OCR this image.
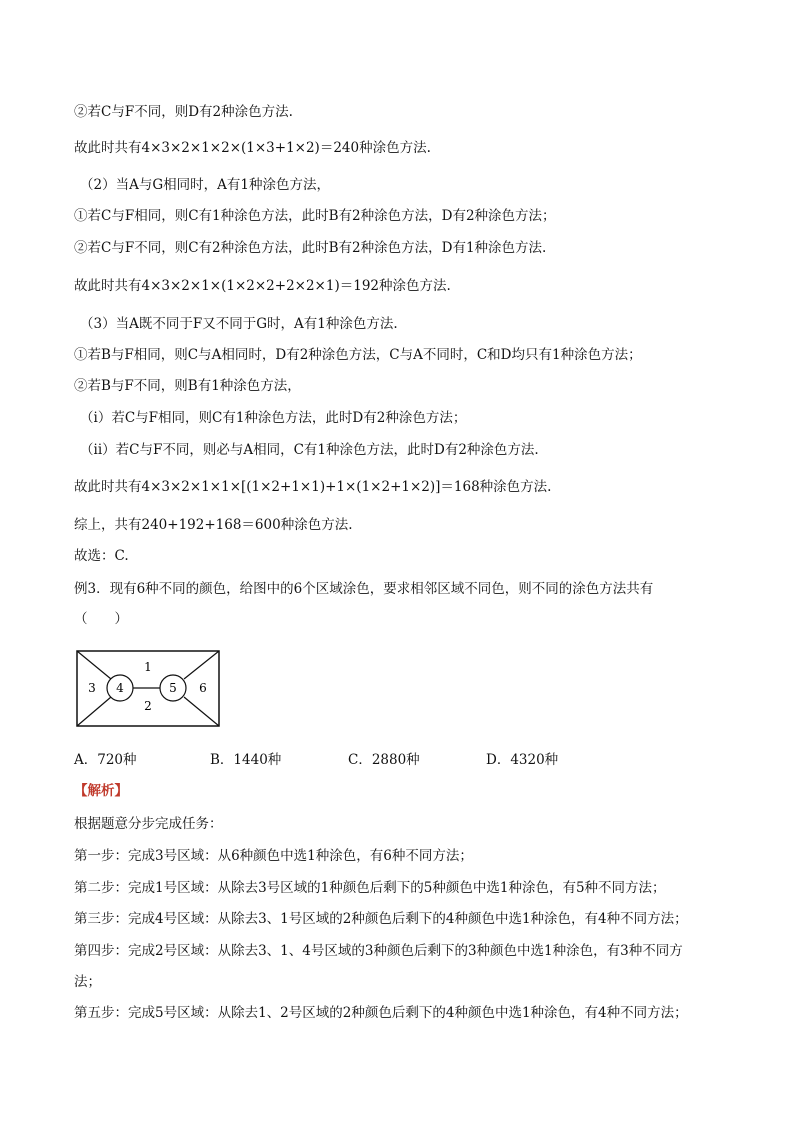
②若C与F不同，则D有2种涂色方法.
故此时共有4×3×2×1×2×(1×3+1×2)＝240种涂色方法.
（2）当A与G相同时，A有1种涂色方法，
①若C与F相同，则C有1种涂色方法，此时B有2种涂色方法，D有2种涂色方法；
②若C与F不同，则C有2种涂色方法，此时B有2种涂色方法，D有1种涂色方法.
故此时共有4×3×2×1×(1×2×2+2×2×1)＝192种涂色方法.
（3）当A既不同于F又不同于G时，A有1种涂色方法.
①若B与F相同，则C与A相同时，D有2种涂色方法，C与A不同时，C和D均只有1种涂色方法；
②若B与F不同，则B有1种涂色方法，
（i）若C与F相同，则C有1种涂色方法，此时D有2种涂色方法；
（ii）若C与F不同，则必与A相同，C有1种涂色方法，此时D有2种涂色方法.
故此时共有4×3×2×1×1×[(1×2+1×1)+1×(1×2+1×2)]＝168种涂色方法.
综上，共有240+192+168＝600种涂色方法.
故选：C.
例3．现有6种不同的颜色，给图中的6个区域涂色，要求相邻区域不同色，则不同的涂色方法共有
（　　）
1
2
3 4	5 6
A．720种	B．1440种	C．2880种	D．4320种
【解析】
根据题意分步完成任务：
第一步：完成3号区域：从6种颜色中选1种涂色，有6种不同方法；
第二步：完成1号区域：从除去3号区域的1种颜色后剩下的5种颜色中选1种涂色，有5种不同方法；
第三步：完成4号区域：从除去3、1号区域的2种颜色后剩下的4种颜色中选1种涂色，有4种不同方法；
第四步：完成2号区域：从除去3、1、4号区域的3种颜色后剩下的3种颜色中选1种涂色，有3种不同方
法；
第五步：完成5号区域：从除去1、2号区域的2种颜色后剩下的4种颜色中选1种涂色，有4种不同方法；
